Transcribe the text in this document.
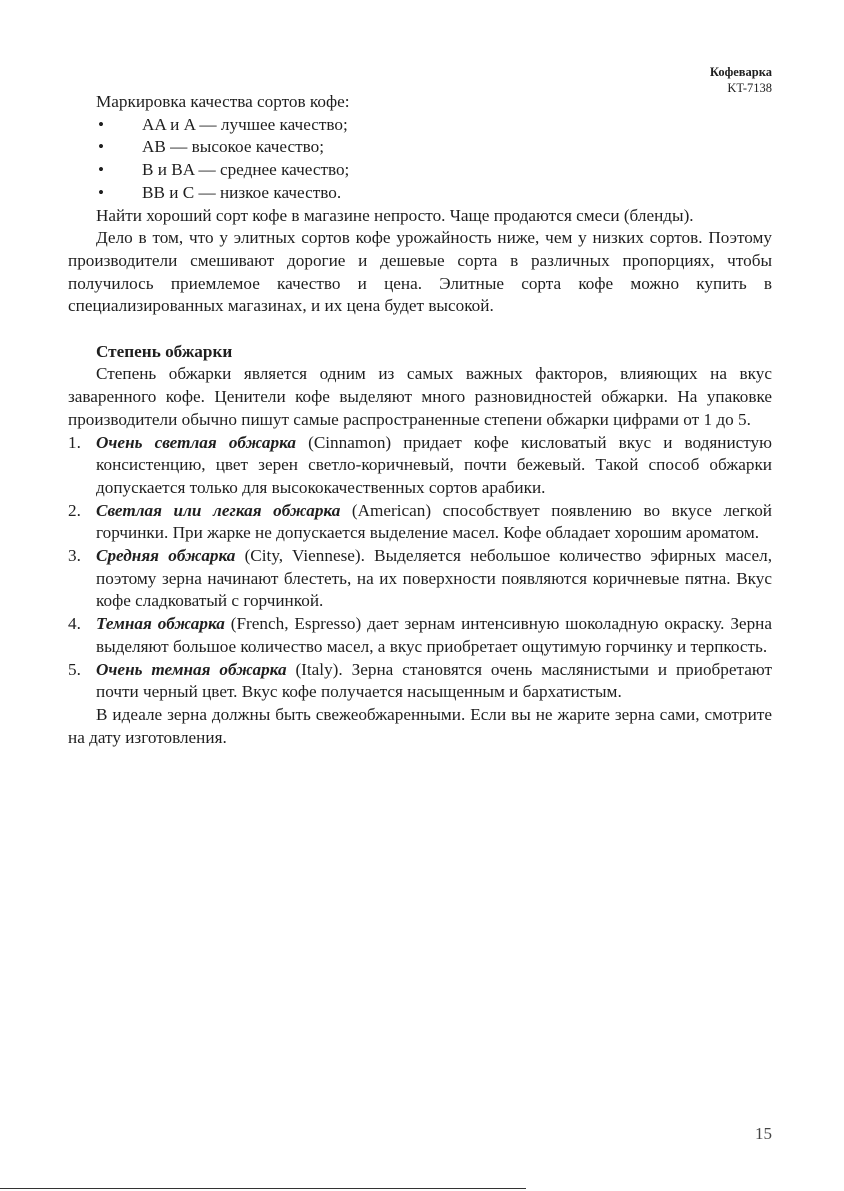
Кофеварка
KT-7138

Маркировка качества сортов кофе:

• AA и A — лучшее качество;
• AB — высокое качество;
• B и BA — среднее качество;
• BB и C — низкое качество.

Найти хороший сорт кофе в магазине непросто. Чаще продаются смеси (бленды).

Дело в том, что у элитных сортов кофе урожайность ниже, чем у низких сортов. Поэтому производители смешивают дорогие и дешевые сорта в различных пропорциях, чтобы получилось приемлемое качество и цена. Элитные сорта кофе можно купить в специализированных магазинах, и их цена будет высокой.

Степень обжарки

Степень обжарки является одним из самых важных факторов, влияющих на вкус заваренного кофе. Ценители кофе выделяют много разновидностей обжарки. На упаковке производители обычно пишут самые распространенные степени обжарки цифрами от 1 до 5.

1. Очень светлая обжарка (Cinnamon) придает кофе кисловатый вкус и водянистую консистенцию, цвет зерен светло-коричневый, почти бежевый. Такой способ обжарки допускается только для высококачественных сортов арабики.
2. Светлая или легкая обжарка (American) способствует появлению во вкусе легкой горчинки. При жарке не допускается выделение масел. Кофе обладает хорошим ароматом.
3. Средняя обжарка (City, Viennese). Выделяется небольшое количество эфирных масел, поэтому зерна начинают блестеть, на их поверхности появляются коричневые пятна. Вкус кофе сладковатый с горчинкой.
4. Темная обжарка (French, Espresso) дает зернам интенсивную шоколадную окраску. Зерна выделяют большое количество масел, а вкус приобретает ощутимую горчинку и терпкость.
5. Очень темная обжарка (Italy). Зерна становятся очень маслянистыми и приобретают почти черный цвет. Вкус кофе получается насыщенным и бархатистым.

В идеале зерна должны быть свежеобжаренными. Если вы не жарите зерна сами, смотрите на дату изготовления.

15
